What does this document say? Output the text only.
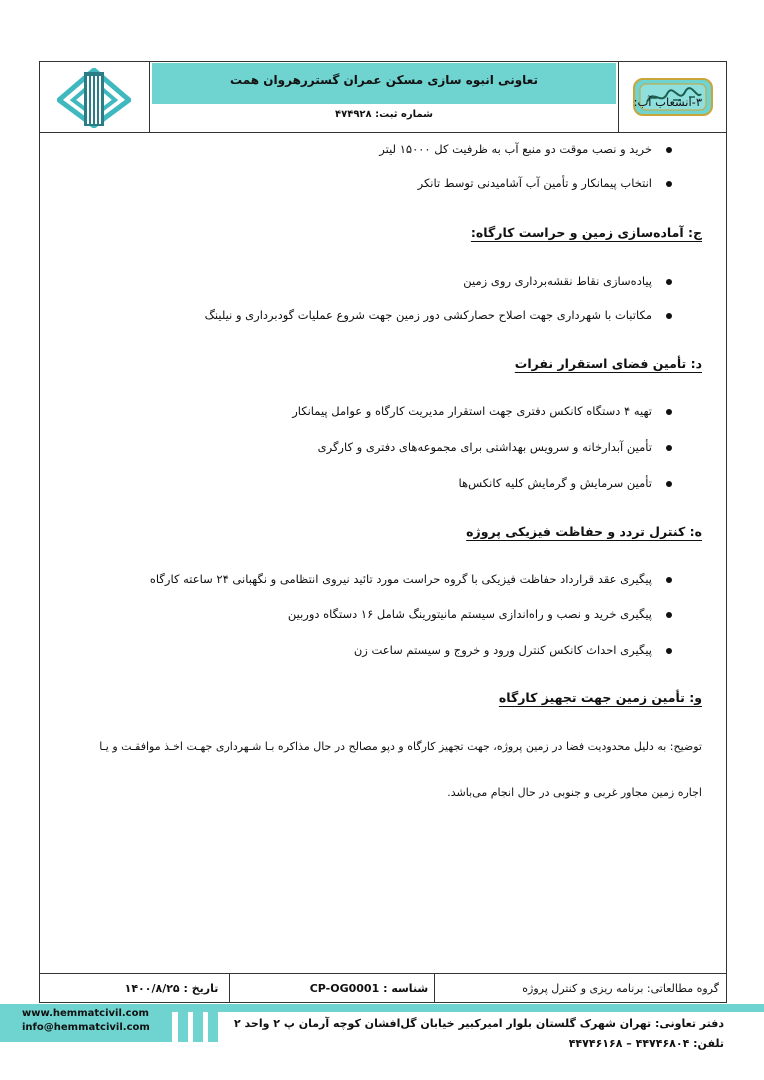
تعاونی انبوه سازی مسکن عمران گستررهروان همت
شماره ثبت: ۴۷۴۹۲۸
۳-انشعاب آب:
خرید و نصب موقت دو منبع آب به ظرفیت کل ۱۵۰۰۰ لیتر
انتخاب پیمانکار و تأمین آب آشامیدنی توسط تانکر
ج: آماده‌سازی زمین و حراست کارگاه:
پیاده‌سازی نقاط نقشه‌برداری روی زمین
مکاتبات با شهرداری جهت اصلاح حصارکشی دور زمین جهت شروع عملیات گودبرداری و نیلینگ
د: تأمین فضای استقرار نفرات
تهیه ۴ دستگاه کانکس دفتری جهت استقرار مدیریت کارگاه و عوامل پیمانکار
تأمین آبدارخانه و سرویس بهداشتی برای مجموعه‌های دفتری و کارگری
تأمین سرمایش و گرمایش کلیه کانکس‌ها
ه: کنترل تردد و حفاظت فیزیکی پروژه
پیگیری عقد قرارداد حفاظت فیزیکی با گروه حراست مورد تائید نیروی انتظامی و نگهبانی ۲۴ ساعته کارگاه
پیگیری خرید و نصب و راه‌اندازی سیستم مانیتورینگ شامل ۱۶ دستگاه دوربین
پیگیری احداث کانکس کنترل ورود و خروج و سیستم ساعت زن
و: تأمین زمین جهت تجهیز کارگاه
توضیح: به دلیل محدودیت فضا در زمین پروژه، جهت تجهیز کارگاه و دپو مصالح در حال مذاکره بـا شـهرداری جهـت اخـذ موافقـت و یـا
اجاره زمین مجاور غربی و جنوبی در حال انجام می‌باشد.
گروه مطالعاتی: برنامه ریزی و کنترل پروژه
شناسه : CP-OG0001
تاریخ : ۱۴۰۰/۸/۲۵
www.hemmatcivil.com
info@hemmatcivil.com	دفتر تعاونی: تهران شهرک گلستان بلوار امیرکبیر خیابان گل‌افشان کوچه آرمان پ ۲ واحد ۲
تلفن: ۴۴۷۴۶۸۰۴ – ۴۴۷۴۶۱۶۸
